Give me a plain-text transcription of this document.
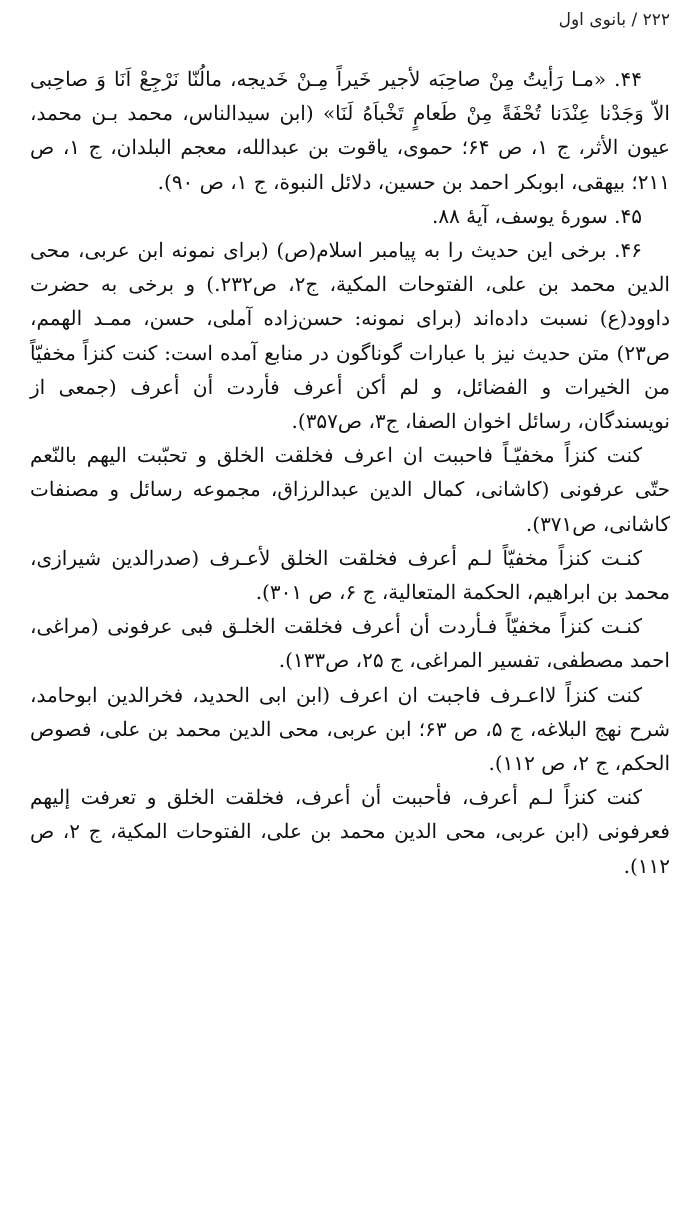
۲۲۲ / بانوی اول

۴۴. «مـا رَأیتُ مِنْ صاحِبَه لأجیر خَیراً مِـنْ خَدیجه، مالُنّا نَرْجِعْ اَنَا وَ صاحِبی الاّ وَجَدْنا عِنْدَنا تُحْفَةً مِنْ طَعامٍ تَخْباَهُ لَنَا» (ابن سیدالناس، محمد بـن محمد، عیون الأثر، ج ۱، ص ۶۴؛ حموی، یاقوت بن عبدالله، معجم البلدان، ج ۱، ص ۲۱۱؛ بیهقی، ابوبکر احمد بن حسین، دلائل النبوة، ج ۱، ص ۹۰).

۴۵. سورۀ یوسف، آیۀ ۸۸.

۴۶. برخی این حدیث را به پیامبر اسلام(ص) (برای نمونه ابن عربی، محی الدین محمد بن علی، الفتوحات المکیة، ج۲، ص۲۳۲.) و برخی به حضرت داوود(ع) نسبت داده‌اند (برای نمونه: حسن‌زاده آملی، حسن، ممـد الهمم، ص۲۳) متن حدیث نیز با عبارات گوناگون در منابع آمده است: کنت کنزاً مخفیّاً من الخیرات و الفضائل، و لم أکن أعرف فأردت أن أعرف (جمعی از نویسندگان، رسائل اخوان الصفا، ج۳، ص۳۵۷).

کنت کنزاً مخفیّـاً فاحببت ان اعرف فخلقت الخلق و تحبّبت الیهم بالنّعم حتّی عرفونی (کاشانی، کمال الدین عبدالرزاق، مجموعه رسائل و مصنفات کاشانی، ص۳۷۱).

کنـت کنزاً مخفیّاً لـم أعرف فخلقت الخلق لأعـرف (صدرالدین شیرازی، محمد بن ابراهیم، الحکمة المتعالیة، ج ۶، ص ۳۰۱).

کنـت کنزاً مخفیّاً فـأردت أن أعرف فخلقت الخلـق فبی عرفونی (مراغی، احمد مصطفی، تفسیر المراغی، ج ۲۵، ص۱۳۳).

کنت کنزاً لااعـرف فاجبت ان اعرف (ابن ابی الحدید، فخرالدین ابوحامد، شرح نهج البلاغه، ج ۵، ص ۶۳؛ ابن عربی، محی الدین محمد بن علی، فصوص الحکم، ج ۲، ص ۱۱۲).

کنت کنزاً لـم أعرف، فأحببت أن أعرف، فخلقت الخلق و تعرفت إلیهم فعرفونی (ابن عربی، محی الدین محمد بن علی، الفتوحات المکیة، ج ۲، ص ۱۱۲).
